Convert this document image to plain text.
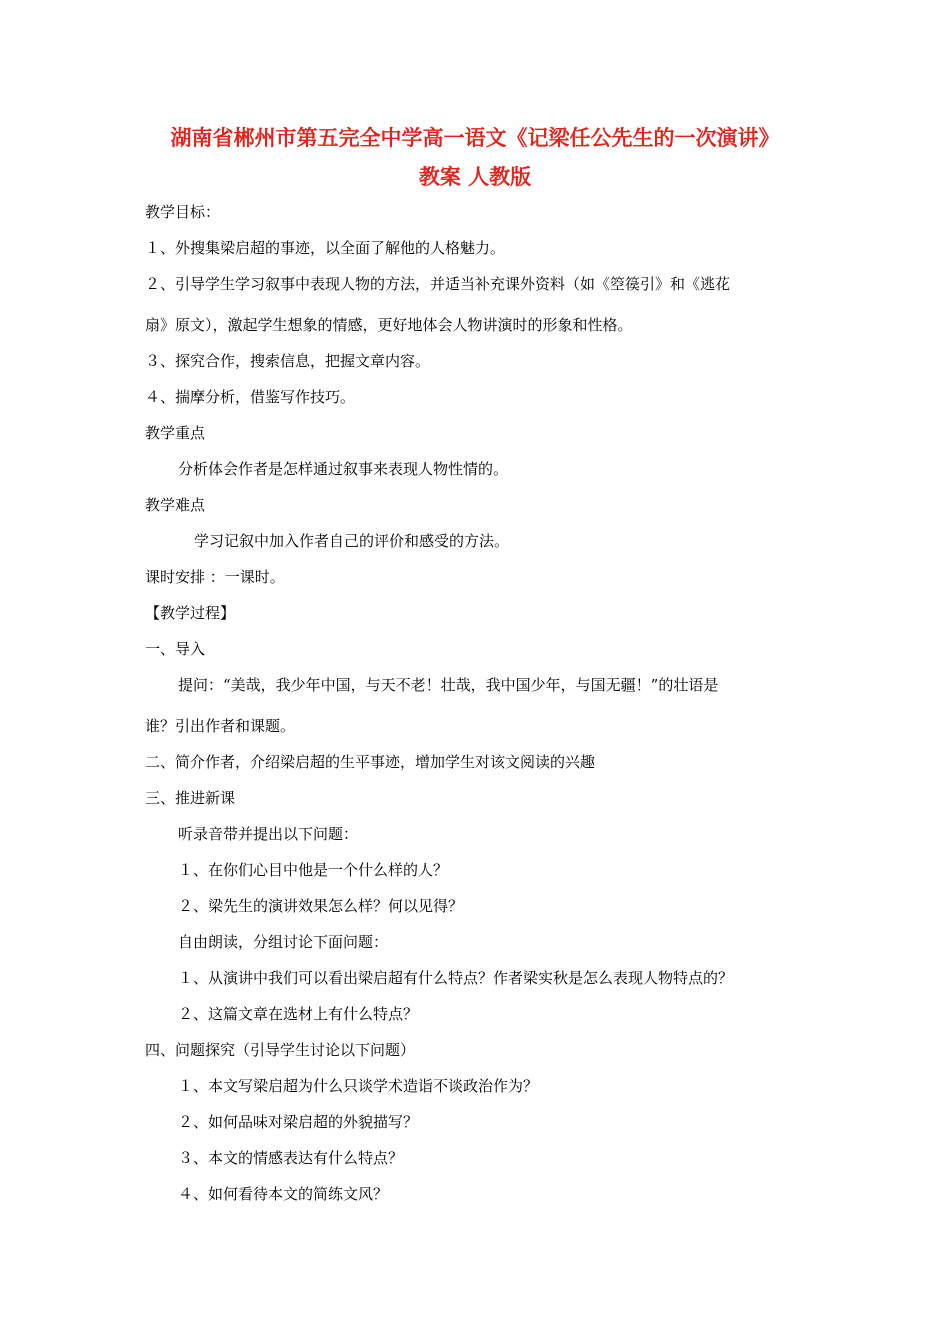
湖南省郴州市第五完全中学高一语文《记梁任公先生的一次演讲》
教案 人教版
教学目标：
１、外搜集梁启超的事迹，以全面了解他的人格魅力。
２、引导学生学习叙事中表现人物的方法，并适当补充课外资料（如《箜篌引》和《逃花
扇》原文），激起学生想象的情感，更好地体会人物讲演时的形象和性格。
３、探究合作，搜索信息，把握文章内容。
４、揣摩分析，借鉴写作技巧。
教学重点
分析体会作者是怎样通过叙事来表现人物性情的。
教学难点
学习记叙中加入作者自己的评价和感受的方法。
课时安排 ：一课时。
【教学过程】
一、导入
提问：“美哉，我少年中国，与天不老！壮哉，我中国少年，与国无疆！”的壮语是
谁？引出作者和课题。
二、简介作者，介绍梁启超的生平事迹，增加学生对该文阅读的兴趣
三、推进新课
听录音带并提出以下问题：
１、在你们心目中他是一个什么样的人？
２、梁先生的演讲效果怎么样？何以见得？
自由朗读，分组讨论下面问题：
１、从演讲中我们可以看出梁启超有什么特点？作者梁实秋是怎么表现人物特点的？
２、这篇文章在选材上有什么特点？
四、问题探究（引导学生讨论以下问题）
１、本文写梁启超为什么只谈学术造诣不谈政治作为？
２、如何品味对梁启超的外貌描写？
３、本文的情感表达有什么特点？
４、如何看待本文的简练文风？
